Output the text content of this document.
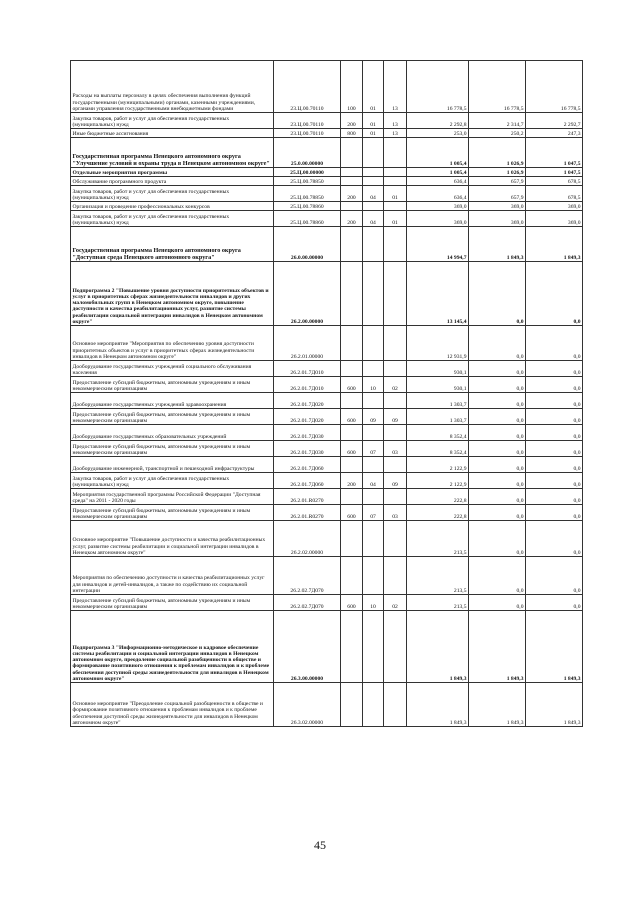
Расходы на выплаты персоналу в целях обеспечения выполнения функций государственными (муниципальными) органами, казенными учреждениями, органами управления государственными внебюджетными фондами	23.Ц.00.70110	100	01	13	16 778,5	16 778,5	16 778,5
Закупка товаров, работ и услуг для обеспечения государственных (муниципальных) нужд	23.Ц.00.70110	200	01	13	2 292,8	2 314,7	2 292,7
Иные бюджетные ассигнования	23.Ц.00.70110	800	01	13	253,0	250,2	247,3
Государственная программа Ненецкого автономного округа "Улучшение условий и охраны труда в Ненецком автономном округе"	25.0.00.00000				1 005,4	1 026,9	1 047,5
Отдельные мероприятия программы	25.Ц.00.00000				1 005,4	1 026,9	1 047,5
Обслуживание программного продукта	25.Ц.00.78850				636,4	657,9	678,5
Закупка товаров, работ и услуг для обеспечения государственных (муниципальных) нужд	25.Ц.00.78850	200	04	01	636,4	657,9	678,5
Организация и проведение профессиональных конкурсов	25.Ц.00.78860				369,0	369,0	369,0
Закупка товаров, работ и услуг для обеспечения государственных (муниципальных) нужд	25.Ц.00.78860	200	04	01	369,0	369,0	369,0
Государственная программа Ненецкого автономного округа "Доступная среда Ненецкого автономного округа"	26.0.00.00000				14 994,7	1 849,3	1 849,3
Подпрограмма 2 "Повышение уровня доступности приоритетных объектов и услуг в приоритетных сферах жизнедеятельности инвалидов и других маломобильных групп в Ненецком автономном округе, повышение доступности и качества реабилитационных услуг, развитие системы реабилитации социальной интеграции инвалидов в Ненецком автономном округе"	26.2.00.00000				13 145,4	0,0	0,0
Основное мероприятие "Мероприятия по обеспечению уровня доступности приоритетных объектов и услуг в приоритетных сферах жизнедеятельности инвалидов в Ненецком автономном округе"	26.2.01.00000				12 931,9	0,0	0,0
Дооборудование государственных учреждений социального обслуживания населения	26.2.01.7Д010				930,1	0,0	0,0
Предоставление субсидий бюджетным, автономным учреждениям и иным некоммерческим организациям	26.2.01.7Д010	600	10	02	930,1	0,0	0,0
Дооборудование государственных учреждений здравоохранения	26.2.01.7Д020				1 303,7	0,0	0,0
Предоставление субсидий бюджетным, автономным учреждениям и иным некоммерческим организациям	26.2.01.7Д020	600	09	09	1 303,7	0,0	0,0
Дооборудование государственных образовательных учреждений	26.2.01.7Д030				8 352,4	0,0	0,0
Предоставление субсидий бюджетным, автономным учреждениям и иным некоммерческим организациям	26.2.01.7Д030	600	07	03	8 352,4	0,0	0,0
Дооборудование инженерной, транспортной и пешеходной инфраструктуры	26.2.01.7Д060				2 122,9	0,0	0,0
Закупка товаров, работ и услуг для обеспечения государственных (муниципальных) нужд	26.2.01.7Д060	200	04	09	2 122,9	0,0	0,0
Мероприятия государственной программы Российской Федерации "Доступная среда" на 2011 - 2020 годы	26.2.01.R0270				222,8	0,0	0,0
Предоставление субсидий бюджетным, автономным учреждениям и иным некоммерческим организациям	26.2.01.R0270	600	07	03	222,8	0,0	0,0
Основное мероприятие "Повышение доступности и качества реабилитационных услуг, развитие системы реабилитации и социальной интеграции инвалидов в Ненецком автономном округе"	26.2.02.00000				213,5	0,0	0,0
Мероприятия по обеспечению доступности и качества реабилитационных услуг для инвалидов и детей-инвалидов, а также по содействию их социальной интеграции	26.2.02.7Д070				213,5	0,0	0,0
Предоставление субсидий бюджетным, автономным учреждениям и иным некоммерческим организациям	26.2.02.7Д070	600	10	02	213,5	0,0	0,0
Подпрограмма 3 "Информационно-методическое и кадровое обеспечение системы реабилитации и социальной интеграции инвалидов в Ненецком автономном округе, преодоление социальной разобщенности в обществе и формирование позитивного отношения к проблемам инвалидов и к проблеме обеспечения доступной среды жизнедеятельности для инвалидов в Ненецком автономном округе"	26.3.00.00000				1 849,3	1 849,3	1 849,3
Основное мероприятие "Преодоление социальной разобщенности в обществе и формирование позитивного отношения к проблемам инвалидов и к проблеме обеспечения доступной среды жизнедеятельности для инвалидов в Ненецком автономном округе"	26.3.02.00000				1 849,3	1 849,3	1 849,3
45
